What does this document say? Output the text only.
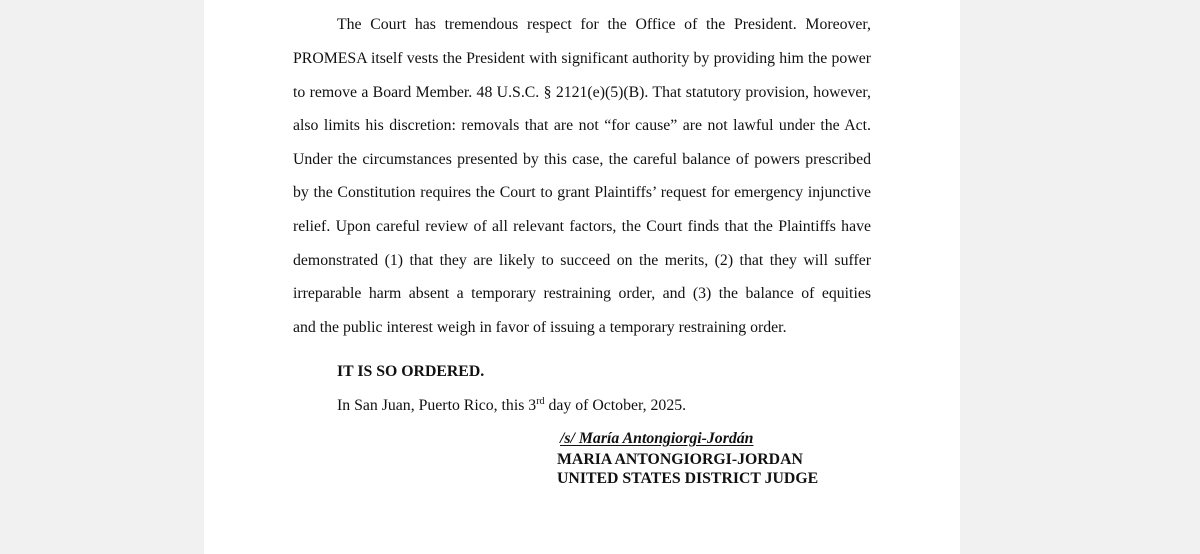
The Court has tremendous respect for the Office of the President. Moreover,
PROMESA itself vests the President with significant authority by providing him the power
to remove a Board Member. 48 U.S.C. § 2121(e)(5)(B). That statutory provision, however,
also limits his discretion: removals that are not “for cause” are not lawful under the Act.
Under the circumstances presented by this case, the careful balance of powers prescribed
by the Constitution requires the Court to grant Plaintiffs’ request for emergency injunctive
relief. Upon careful review of all relevant factors, the Court finds that the Plaintiffs have
demonstrated (1) that they are likely to succeed on the merits, (2) that they will suffer
irreparable harm absent a temporary restraining order, and (3) the balance of equities
and the public interest weigh in favor of issuing a temporary restraining order.
IT IS SO ORDERED.
In San Juan, Puerto Rico, this 3rd day of October, 2025.
/s/ María Antongiorgi-Jordán
MARIA ANTONGIORGI-JORDAN
UNITED STATES DISTRICT JUDGE
